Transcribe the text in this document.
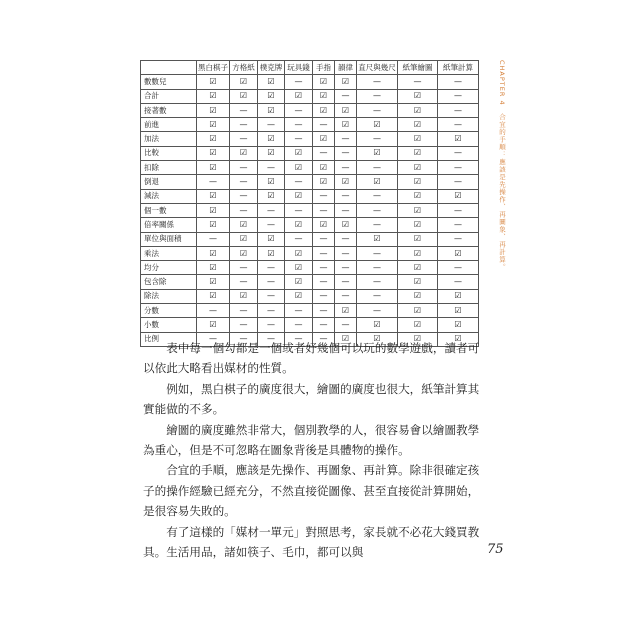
	黑白棋子	方格紙	樸克牌	玩具錢	手指	韻律	直尺與幾尺	紙筆繪圖	紙筆計算
數數兒	☑	☑	☑	—	☑	☑	—	—	—
合計	☑	☑	☑	☑	☑	—	—	☑	—
接著數	☑	—	☑	—	☑	☑	—	☑	—
前進	☑	—	—	—	—	☑	☑	☑	—
加法	☑	—	☑	—	☑	—	—	☑	☑
比較	☑	☑	☑	☑	—	—	☑	☑	—
扣除	☑	—	—	☑	☑	—	—	☑	—
倒退	—	—	☑	—	☑	☑	☑	☑	—
減法	☑	—	☑	☑	—	—	—	☑	☑
個一數	☑	—	—	—	—	—	—	☑	—
倍率關係	☑	☑	—	☑	☑	☑	—	☑	—
單位與面積	—	☑	☑	—	—	—	☑	☑	—
乘法	☑	☑	☑	☑	—	—	—	☑	☑
均分	☑	—	—	☑	—	—	—	☑	—
包含除	☑	—	—	☑	—	—	—	☑	—
除法	☑	☑	—	☑	—	—	—	☑	☑
分數	—	—	—	—	—	☑	—	☑	☑
小數	☑	—	—	—	—	—	☑	☑	☑
比例	—	—	—	—	—	☑	☑	☑	☑

表中每一個勾都是一個或者好幾個可以玩的數學遊戲，讀者可以依此大略看出媒材的性質。

例如，黑白棋子的廣度很大，繪圖的廣度也很大，紙筆計算其實能做的不多。

繪圖的廣度雖然非常大，個別教學的人，很容易會以繪圖教學為重心，但是不可忽略在圖象背後是具體物的操作。

合宜的手順，應該是先操作、再圖象、再計算。除非很確定孩子的操作經驗已經充分，不然直接從圖像、甚至直接從計算開始，是很容易失敗的。

有了這樣的「媒材一單元」對照思考，家長就不必花大錢買教具。生活用品，諸如筷子、毛巾，都可以與

CHAPTER 4　合宜的手順：應該是先操作、再圖象、再計算。
75
